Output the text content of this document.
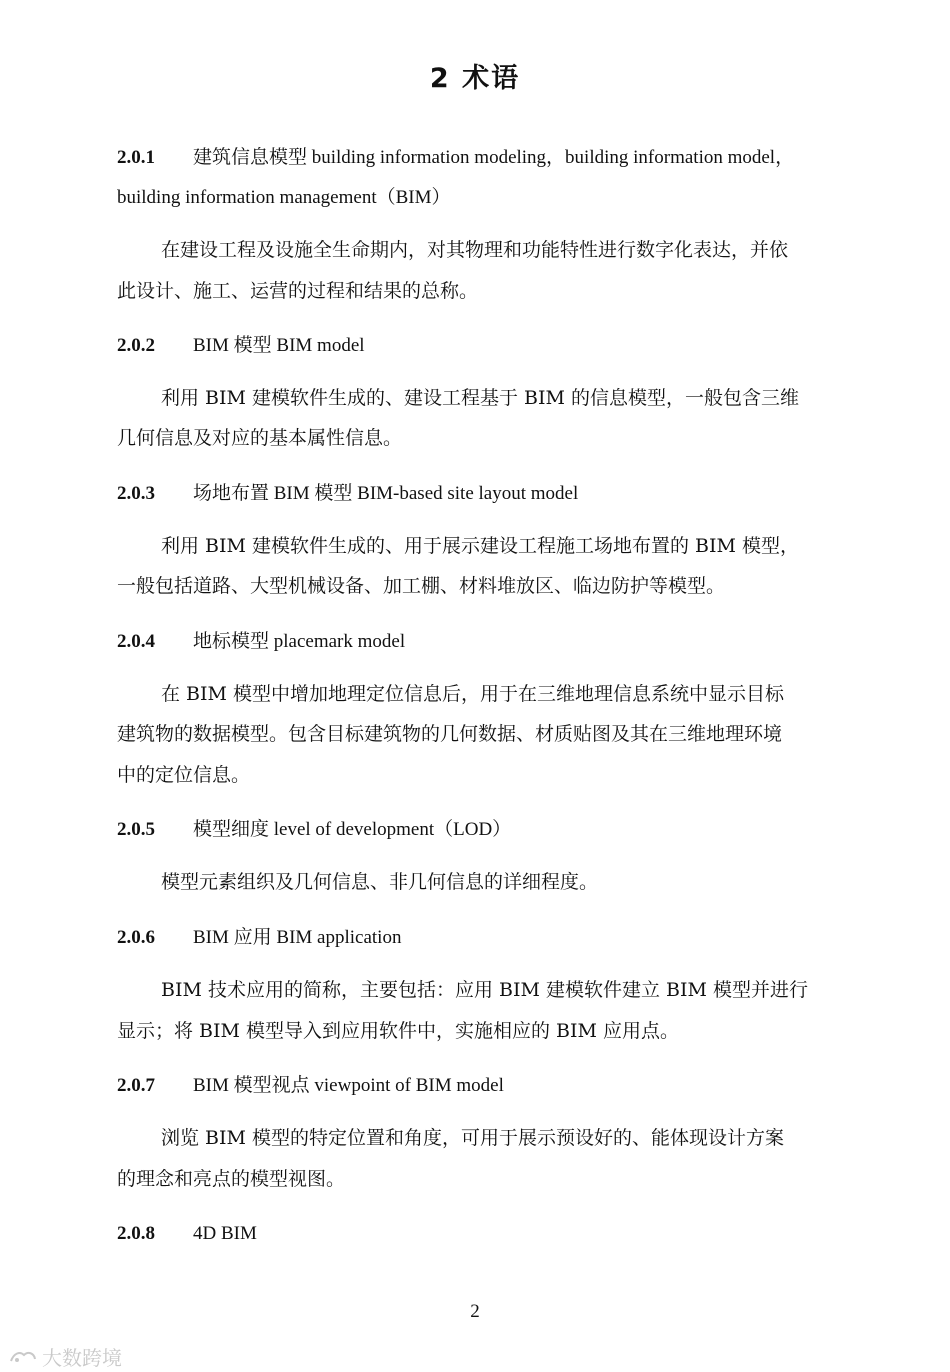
2 术语
2.0.1 建筑信息模型 building information modeling，building information model，
building information management（BIM）
在建设工程及设施全生命期内，对其物理和功能特性进行数字化表达，并依
此设计、施工、运营的过程和结果的总称。
2.0.2 BIM 模型 BIM model
利用 BIM 建模软件生成的、建设工程基于 BIM 的信息模型，一般包含三维
几何信息及对应的基本属性信息。
2.0.3 场地布置 BIM 模型 BIM-based site layout model
利用 BIM 建模软件生成的、用于展示建设工程施工场地布置的 BIM 模型，
一般包括道路、大型机械设备、加工棚、材料堆放区、临边防护等模型。
2.0.4 地标模型 placemark model
在 BIM 模型中增加地理定位信息后，用于在三维地理信息系统中显示目标
建筑物的数据模型。包含目标建筑物的几何数据、材质贴图及其在三维地理环境
中的定位信息。
2.0.5 模型细度 level of development（LOD）
模型元素组织及几何信息、非几何信息的详细程度。
2.0.6 BIM 应用 BIM application
BIM 技术应用的简称，主要包括：应用 BIM 建模软件建立 BIM 模型并进行
显示；将 BIM 模型导入到应用软件中，实施相应的 BIM 应用点。
2.0.7 BIM 模型视点 viewpoint of BIM model
浏览 BIM 模型的特定位置和角度，可用于展示预设好的、能体现设计方案
的理念和亮点的模型视图。
2.0.8 4D BIM
2
大数跨境
